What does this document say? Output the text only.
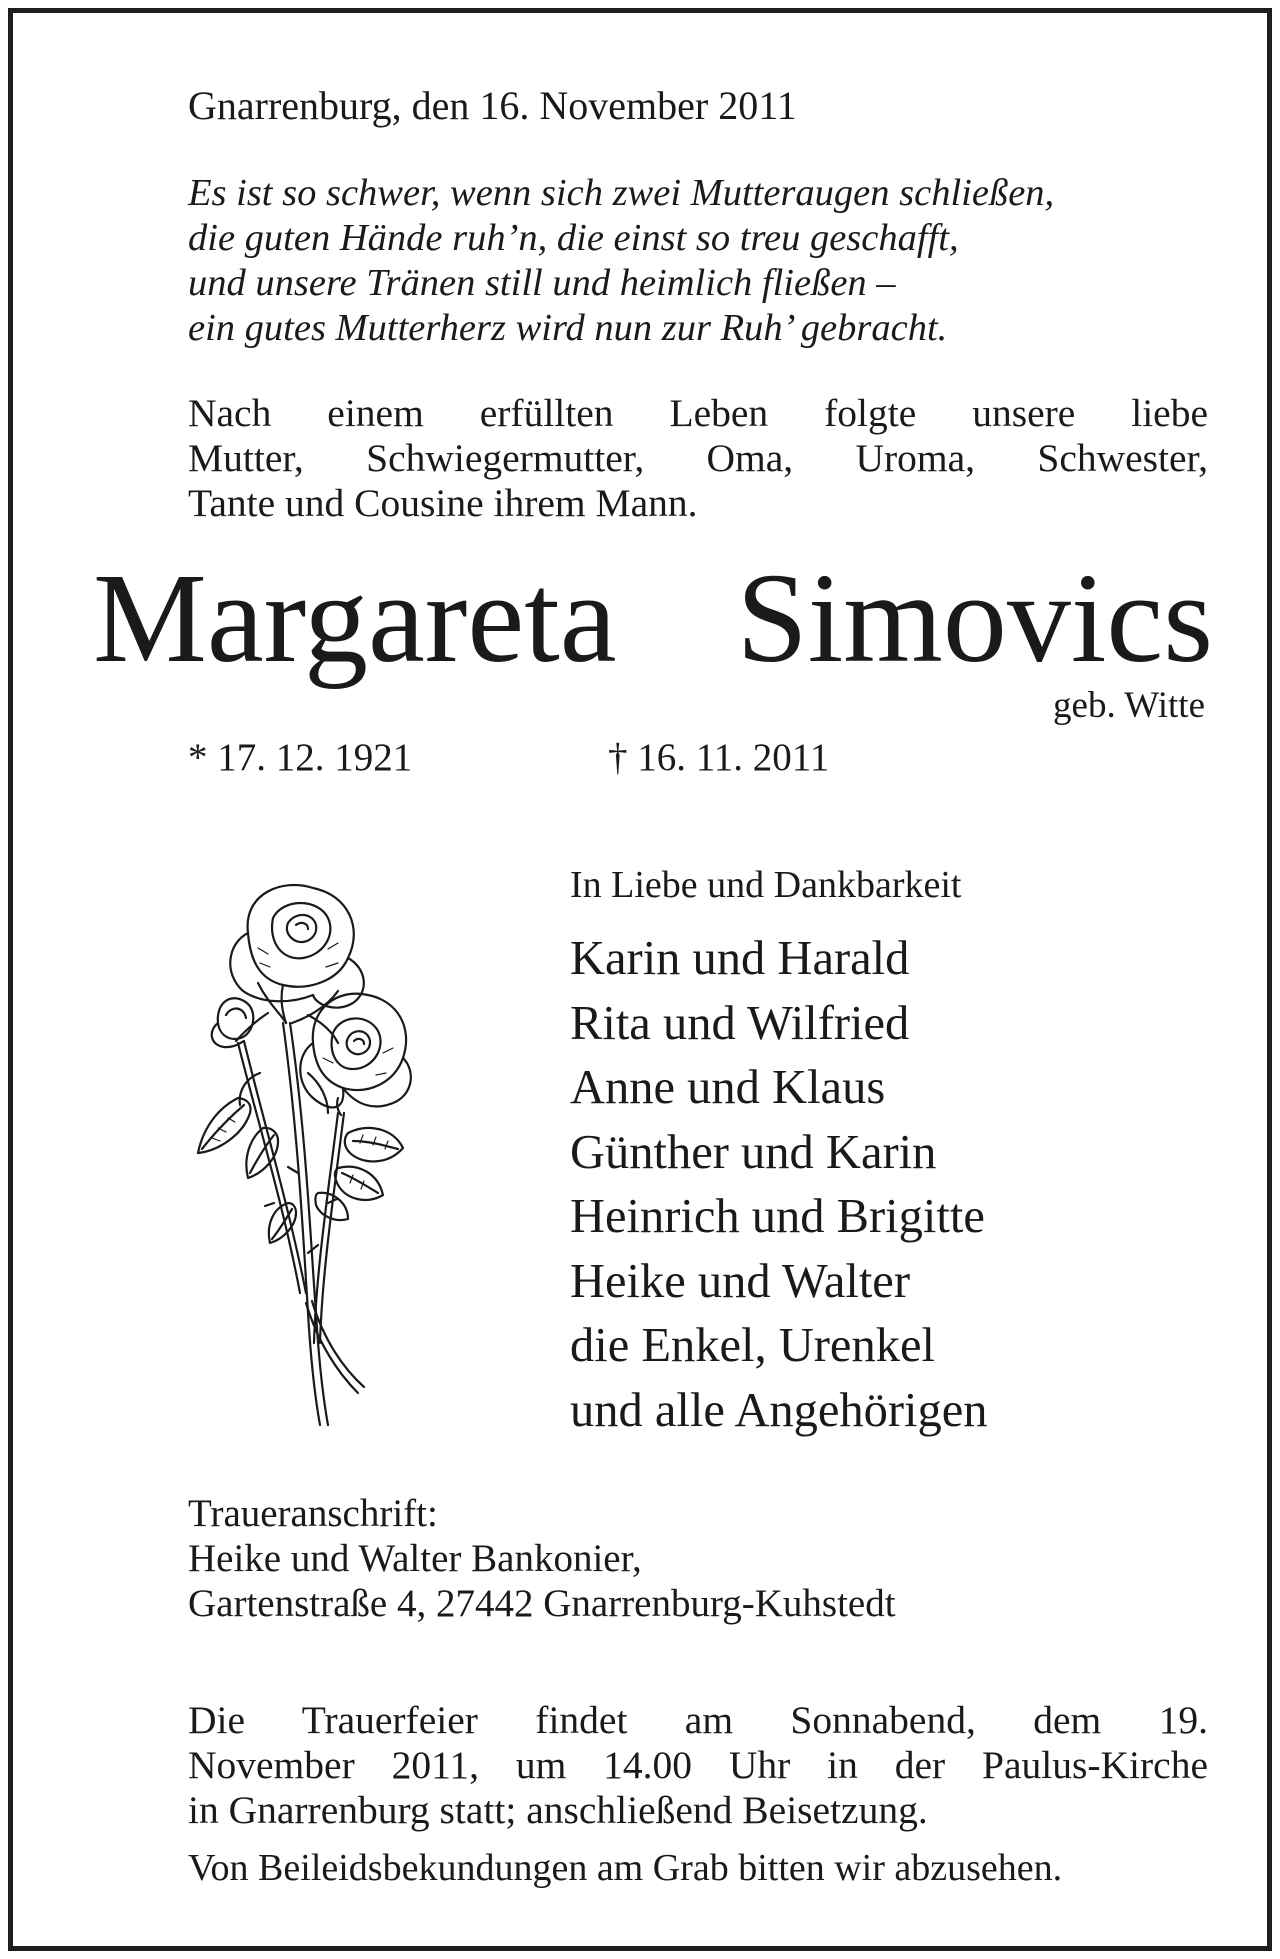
Gnarrenburg, den 16. November 2011

Es ist so schwer, wenn sich zwei Mutteraugen schließen,
die guten Hände ruh’n, die einst so treu geschafft,
und unsere Tränen still und heimlich fließen –
ein gutes Mutterherz wird nun zur Ruh’ gebracht.
Nach einem erfüllten Leben folgte unsere liebe
Mutter, Schwiegermutter, Oma, Uroma, Schwester,
Tante und Cousine ihrem Mann.
Margareta Simovics

geb. Witte

* 17. 12. 1921	† 16. 11. 2011

In Liebe und Dankbarkeit

Karin und Harald
Rita und Wilfried
Anne und Klaus
Günther und Karin
Heinrich und Brigitte
Heike und Walter
die Enkel, Urenkel
und alle Angehörigen
Traueranschrift:
Heike und Walter Bankonier,
Gartenstraße 4, 27442 Gnarrenburg-Kuhstedt
Die Trauerfeier findet am Sonnabend, dem 19.
November 2011, um 14.00 Uhr in der Paulus-Kirche
in Gnarrenburg statt; anschließend Beisetzung.

Von Beileidsbekundungen am Grab bitten wir abzusehen.
